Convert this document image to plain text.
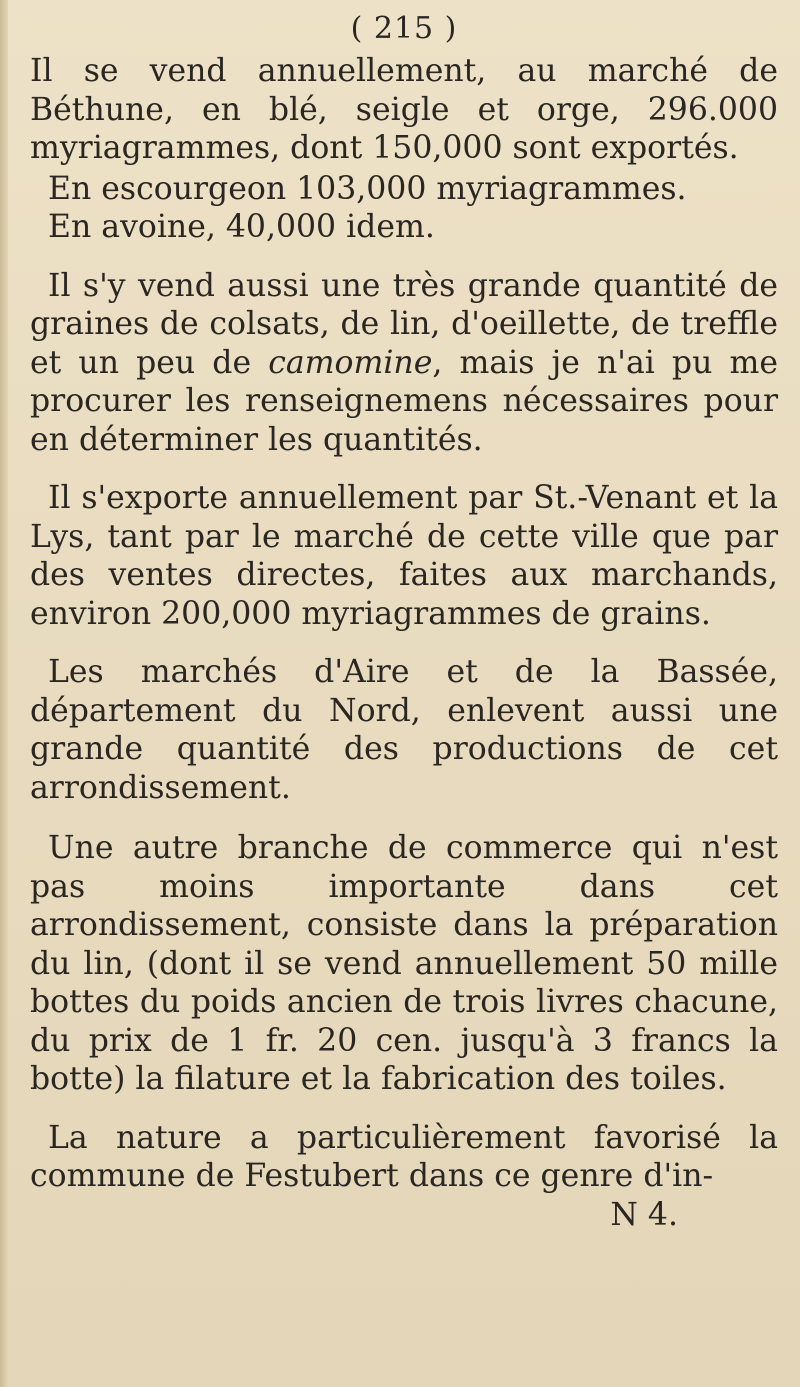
( 215 )

Il se vend annuellement, au marché de Béthune, en blé, seigle et orge, 296.000 myriagrammes, dont 150,000 sont exportés.

En escourgeon 103,000 myriagrammes.

En avoine, 40,000 idem.

Il s'y vend aussi une très grande quantité de graines de colsats, de lin, d'oeillette, de treffle et un peu de camomine, mais je n'ai pu me procurer les renseignemens nécessaires pour en déterminer les quantités.

Il s'exporte annuellement par St.-Venant et la Lys, tant par le marché de cette ville que par des ventes directes, faites aux marchands, environ 200,000 myriagrammes de grains.

Les marchés d'Aire et de la Bassée, département du Nord, enlevent aussi une grande quantité des productions de cet arrondissement.

Une autre branche de commerce qui n'est pas moins importante dans cet arrondissement, consiste dans la préparation du lin, (dont il se vend annuellement 50 mille bottes du poids ancien de trois livres chacune, du prix de 1 fr. 20 cen. jusqu'à 3 francs la botte) la filature et la fabrication des toiles.

La nature a particulièrement favorisé la commune de Festubert dans ce genre d'in-

N 4.
